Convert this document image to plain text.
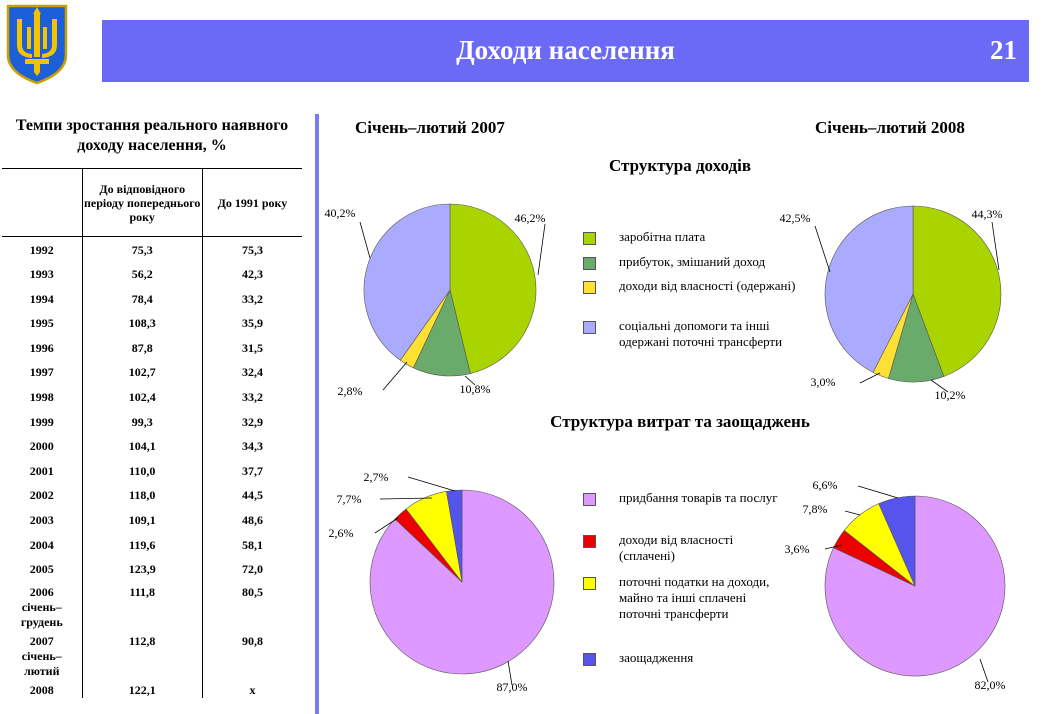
Доходи населення	21
Темпи зростання реального наявного доходу населення, %
	До відповідного періоду попереднього року	До 1991 року
1992	75,3	75,3
1993	56,2	42,3
1994	78,4	33,2
1995	108,3	35,9
1996	87,8	31,5
1997	102,7	32,4
1998	102,4	33,2
1999	99,3	32,9
2000	104,1	34,3
2001	110,0	37,7
2002	118,0	44,5
2003	109,1	48,6
2004	119,6	58,1
2005	123,9	72,0

2006
січень–
грудень	111,8	80,5

2007
січень–
лютий	112,8	90,8

2008	122,1	x
Січень–лютий 2007	Січень–лютий 2008
Структура доходів
Структура витрат та заощаджень
заробітна плата
прибуток, змішаний доход
доходи від власності (одержані)
соціальні допомоги та інші одержані поточні трансферти
придбання товарів та послуг
доходи від власності (сплачені)
поточні податки на доходи, майно та інші сплачені поточні трансферти
заощадження
46,2%
10,8%
2,8%
40,2%	44,3%
10,2%
3,0%
42,5%
87,0%
2,6%
7,7%
2,7%
82,0%
3,6%
7,8%
6,6%
